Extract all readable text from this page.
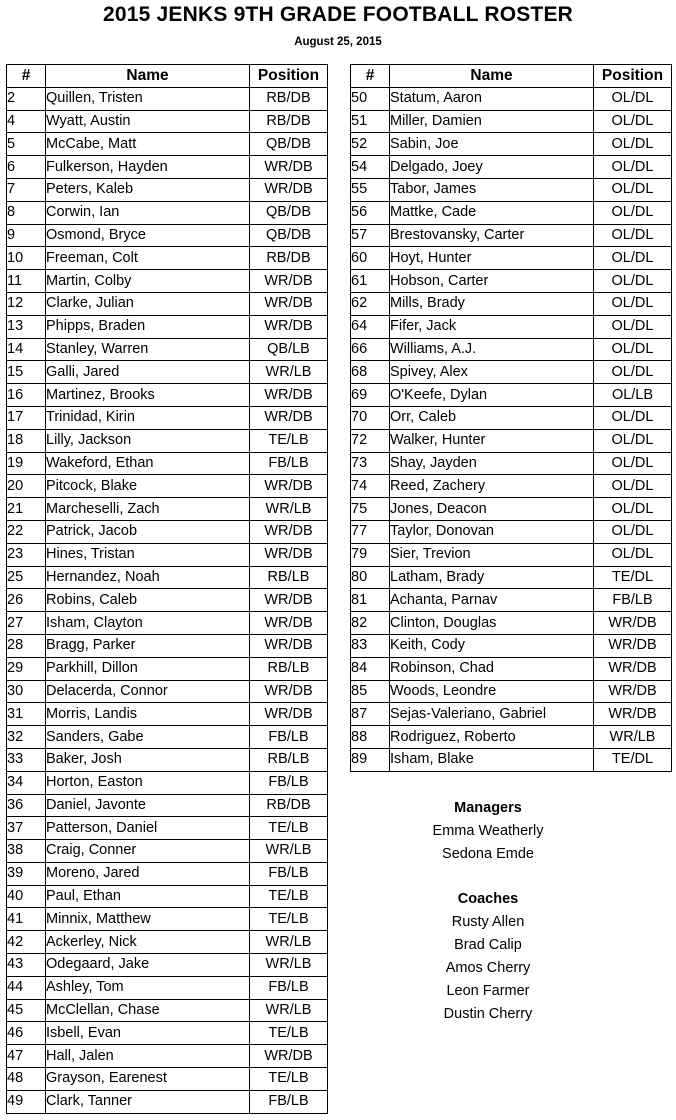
2015 JENKS 9TH GRADE FOOTBALL ROSTER
August 25, 2015
#	Name	Position
2	Quillen, Tristen	RB/DB
4	Wyatt, Austin	RB/DB
5	McCabe, Matt	QB/DB
6	Fulkerson, Hayden	WR/DB
7	Peters, Kaleb	WR/DB
8	Corwin, Ian	QB/DB
9	Osmond, Bryce	QB/DB
10	Freeman, Colt	RB/DB
11	Martin, Colby	WR/DB
12	Clarke, Julian	WR/DB
13	Phipps, Braden	WR/DB
14	Stanley, Warren	QB/LB
15	Galli, Jared	WR/LB
16	Martinez, Brooks	WR/DB
17	Trinidad, Kirin	WR/DB
18	Lilly, Jackson	TE/LB
19	Wakeford, Ethan	FB/LB
20	Pitcock, Blake	WR/DB
21	Marcheselli, Zach	WR/LB
22	Patrick, Jacob	WR/DB
23	Hines, Tristan	WR/DB
25	Hernandez, Noah	RB/LB
26	Robins, Caleb	WR/DB
27	Isham, Clayton	WR/DB
28	Bragg, Parker	WR/DB
29	Parkhill, Dillon	RB/LB
30	Delacerda, Connor	WR/DB
31	Morris, Landis	WR/DB
32	Sanders, Gabe	FB/LB
33	Baker, Josh	RB/LB
34	Horton, Easton	FB/LB
36	Daniel, Javonte	RB/DB
37	Patterson, Daniel	TE/LB
38	Craig, Conner	WR/LB
39	Moreno, Jared	FB/LB
40	Paul, Ethan	TE/LB
41	Minnix, Matthew	TE/LB
42	Ackerley, Nick	WR/LB
43	Odegaard, Jake	WR/LB
44	Ashley, Tom	FB/LB
45	McClellan, Chase	WR/LB
46	Isbell, Evan	TE/LB
47	Hall, Jalen	WR/DB
48	Grayson, Earenest	TE/LB
49	Clark, Tanner	FB/LB
#	Name	Position
50	Statum, Aaron	OL/DL
51	Miller, Damien	OL/DL
52	Sabin, Joe	OL/DL
54	Delgado, Joey	OL/DL
55	Tabor, James	OL/DL
56	Mattke, Cade	OL/DL
57	Brestovansky, Carter	OL/DL
60	Hoyt, Hunter	OL/DL
61	Hobson, Carter	OL/DL
62	Mills, Brady	OL/DL
64	Fifer, Jack	OL/DL
66	Williams, A.J.	OL/DL
68	Spivey, Alex	OL/DL
69	O'Keefe, Dylan	OL/LB
70	Orr, Caleb	OL/DL
72	Walker, Hunter	OL/DL
73	Shay, Jayden	OL/DL
74	Reed, Zachery	OL/DL
75	Jones, Deacon	OL/DL
77	Taylor, Donovan	OL/DL
79	Sier, Trevion	OL/DL
80	Latham, Brady	TE/DL
81	Achanta, Parnav	FB/LB
82	Clinton, Douglas	WR/DB
83	Keith, Cody	WR/DB
84	Robinson, Chad	WR/DB
85	Woods, Leondre	WR/DB
87	Sejas-Valeriano, Gabriel	WR/DB
88	Rodriguez, Roberto	WR/LB
89	Isham, Blake	TE/DL
Managers
Emma Weatherly
Sedona Emde
Coaches
Rusty Allen
Brad Calip
Amos Cherry
Leon Farmer
Dustin Cherry
